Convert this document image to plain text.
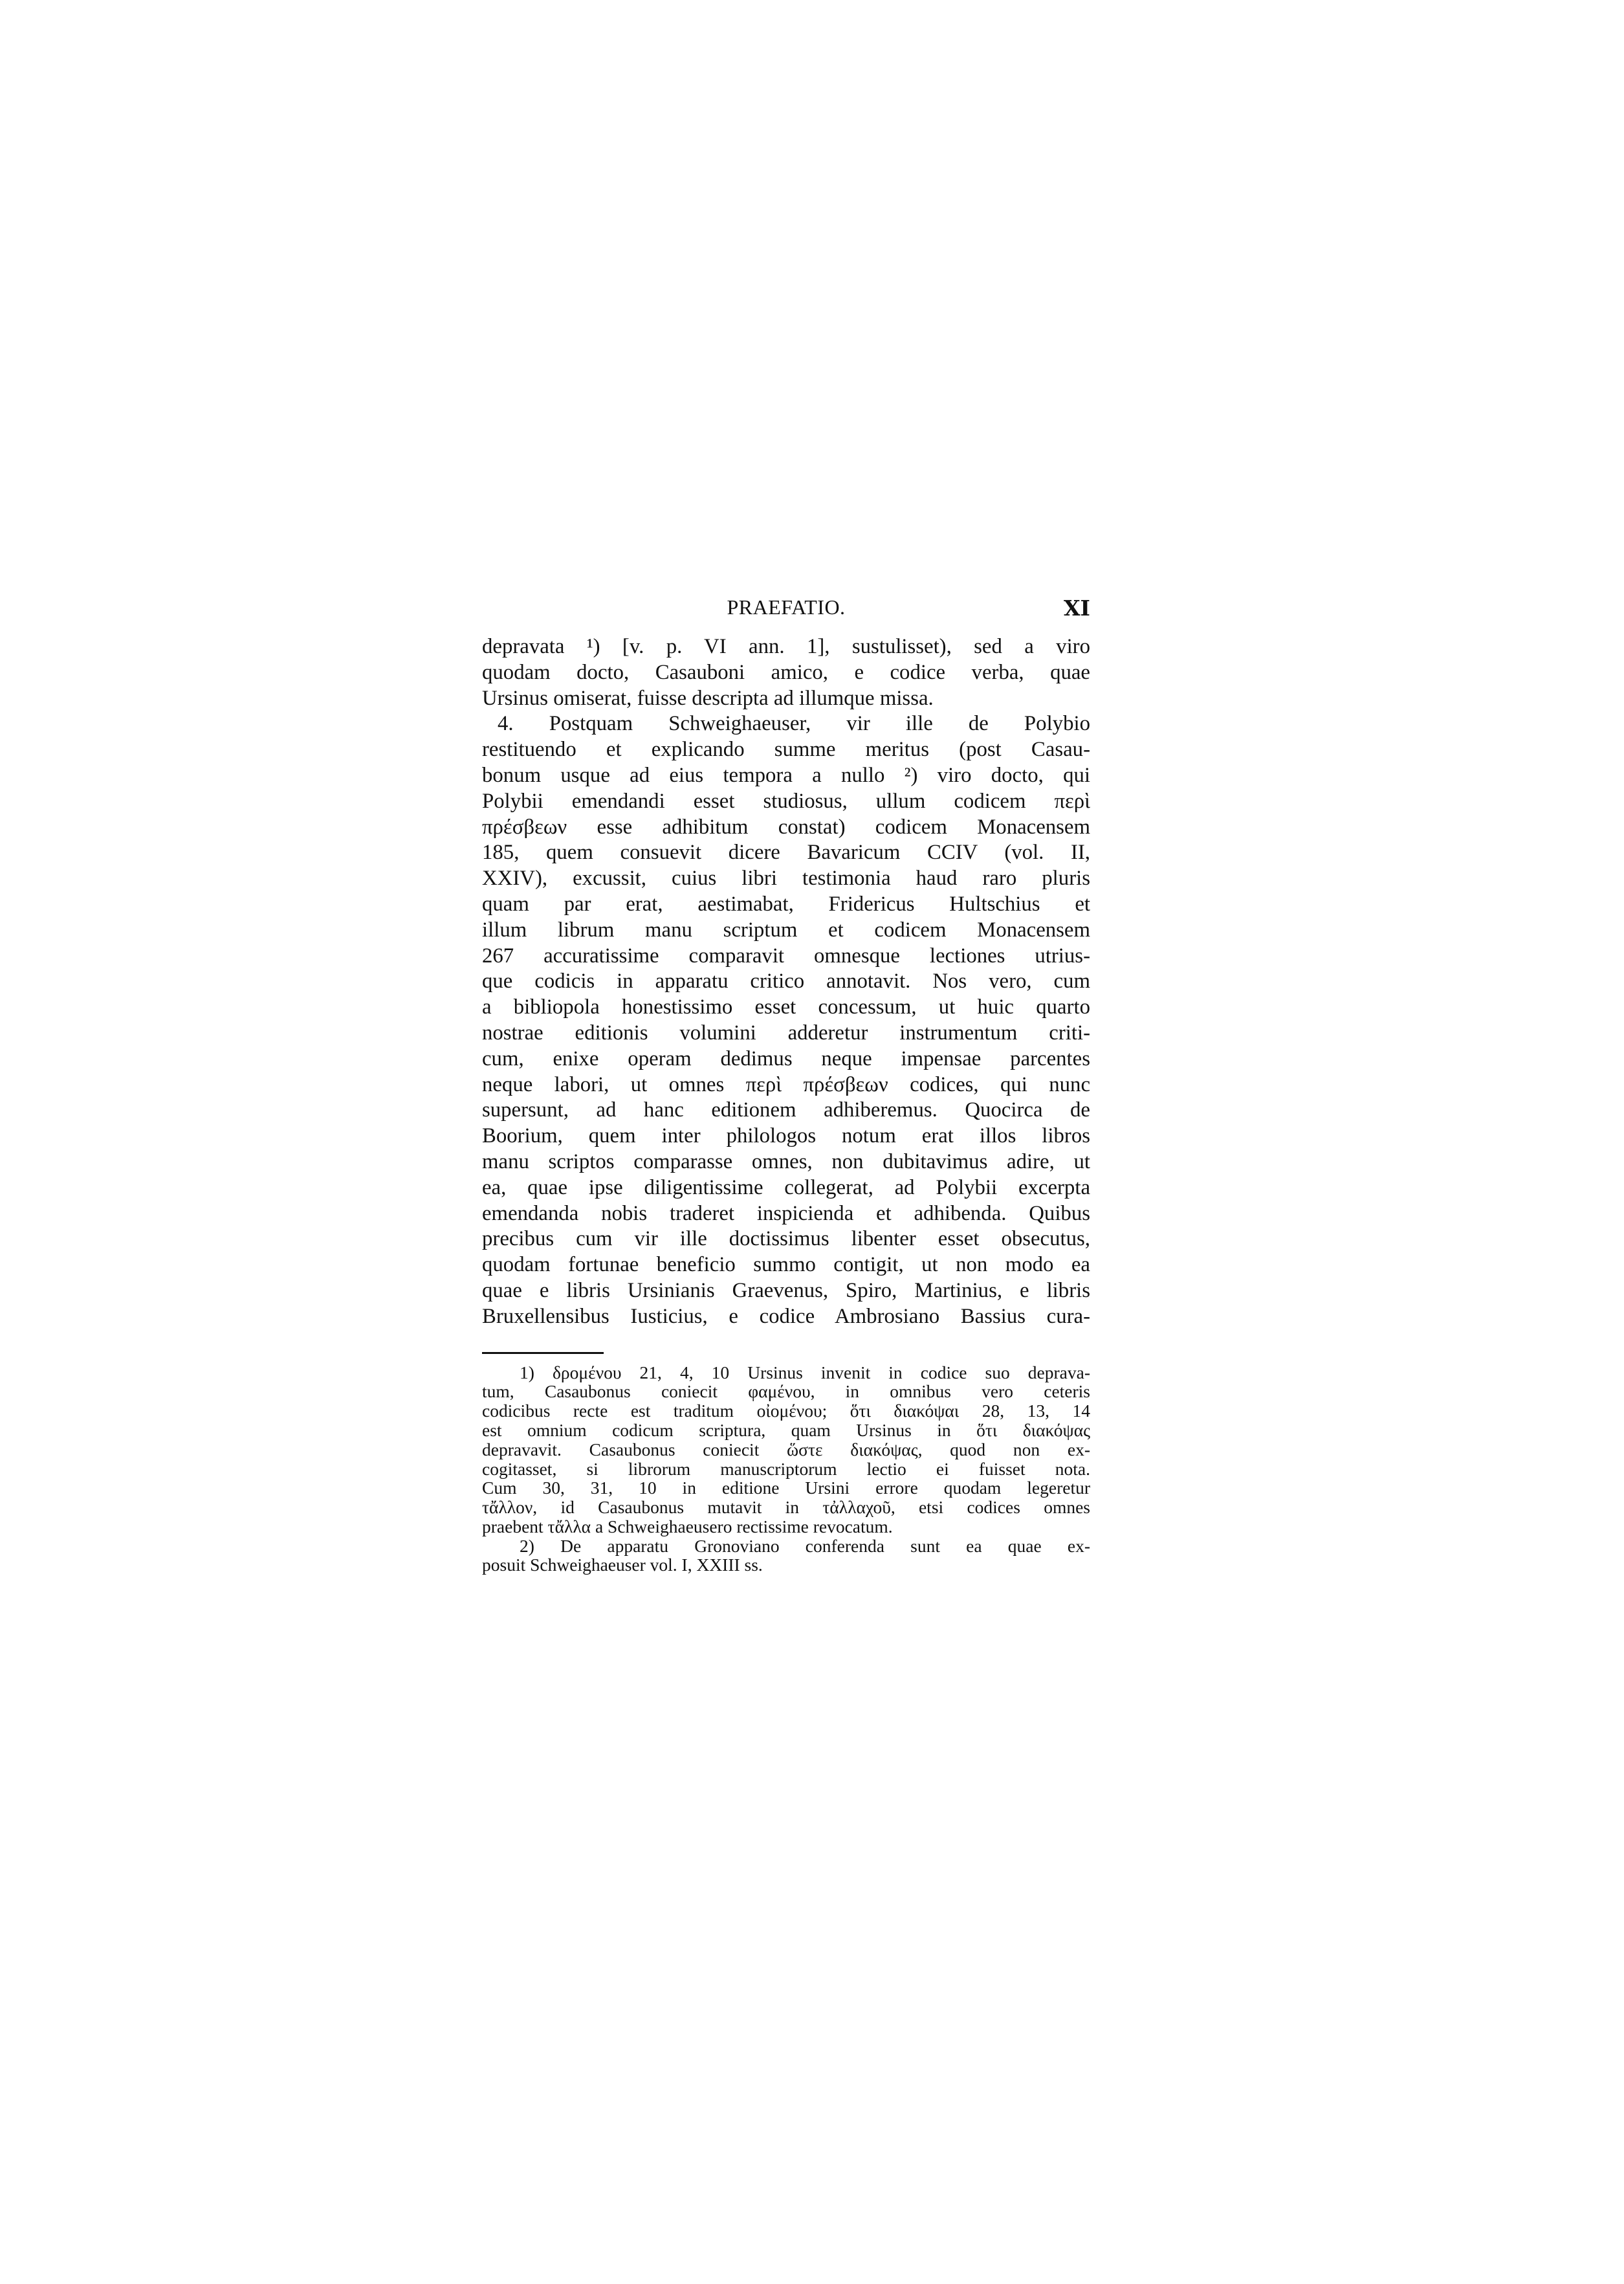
PRAEFATIO.	XI
depravata ¹) [v. p. VI ann. 1], sustulisset), sed a viro
quodam docto, Casauboni amico, e codice verba, quae
Ursinus omiserat, fuisse descripta ad illumque missa.
4. Postquam Schweighaeuser, vir ille de Polybio
restituendo et explicando summe meritus (post Casau-
bonum usque ad eius tempora a nullo ²) viro docto, qui
Polybii emendandi esset studiosus, ullum codicem περὶ
πρέσβεων esse adhibitum constat) codicem Monacensem
185, quem consuevit dicere Bavaricum CCIV (vol. II,
XXIV), excussit, cuius libri testimonia haud raro pluris
quam par erat, aestimabat, Fridericus Hultschius et
illum librum manu scriptum et codicem Monacensem
267 accuratissime comparavit omnesque lectiones utrius-
que codicis in apparatu critico annotavit. Nos vero, cum
a bibliopola honestissimo esset concessum, ut huic quarto
nostrae editionis volumini adderetur instrumentum criti-
cum, enixe operam dedimus neque impensae parcentes
neque labori, ut omnes περὶ πρέσβεων codices, qui nunc
supersunt, ad hanc editionem adhiberemus. Quocirca de
Boorium, quem inter philologos notum erat illos libros
manu scriptos comparasse omnes, non dubitavimus adire, ut
ea, quae ipse diligentissime collegerat, ad Polybii excerpta
emendanda nobis traderet inspicienda et adhibenda. Quibus
precibus cum vir ille doctissimus libenter esset obsecutus,
quodam fortunae beneficio summo contigit, ut non modo ea
quae e libris Ursinianis Graevenus, Spiro, Martinius, e libris
Bruxellensibus Iusticius, e codice Ambrosiano Bassius cura-
1) δρομένου 21, 4, 10 Ursinus invenit in codice suo deprava-
tum, Casaubonus coniecit φαμένου, in omnibus vero ceteris
codicibus recte est traditum οἰομένου; ὅτι διακόψαι 28, 13, 14
est omnium codicum scriptura, quam Ursinus in ὅτι διακόψας
depravavit. Casaubonus coniecit ὥστε διακόψας, quod non ex-
cogitasset, si librorum manuscriptorum lectio ei fuisset nota.
Cum 30, 31, 10 in editione Ursini errore quodam legeretur
τἄλλον, id Casaubonus mutavit in τἀλλαχοῦ, etsi codices omnes
praebent τἄλλα a Schweighaeusero rectissime revocatum.
2) De apparatu Gronoviano conferenda sunt ea quae ex-
posuit Schweighaeuser vol. I, XXIII ss.
